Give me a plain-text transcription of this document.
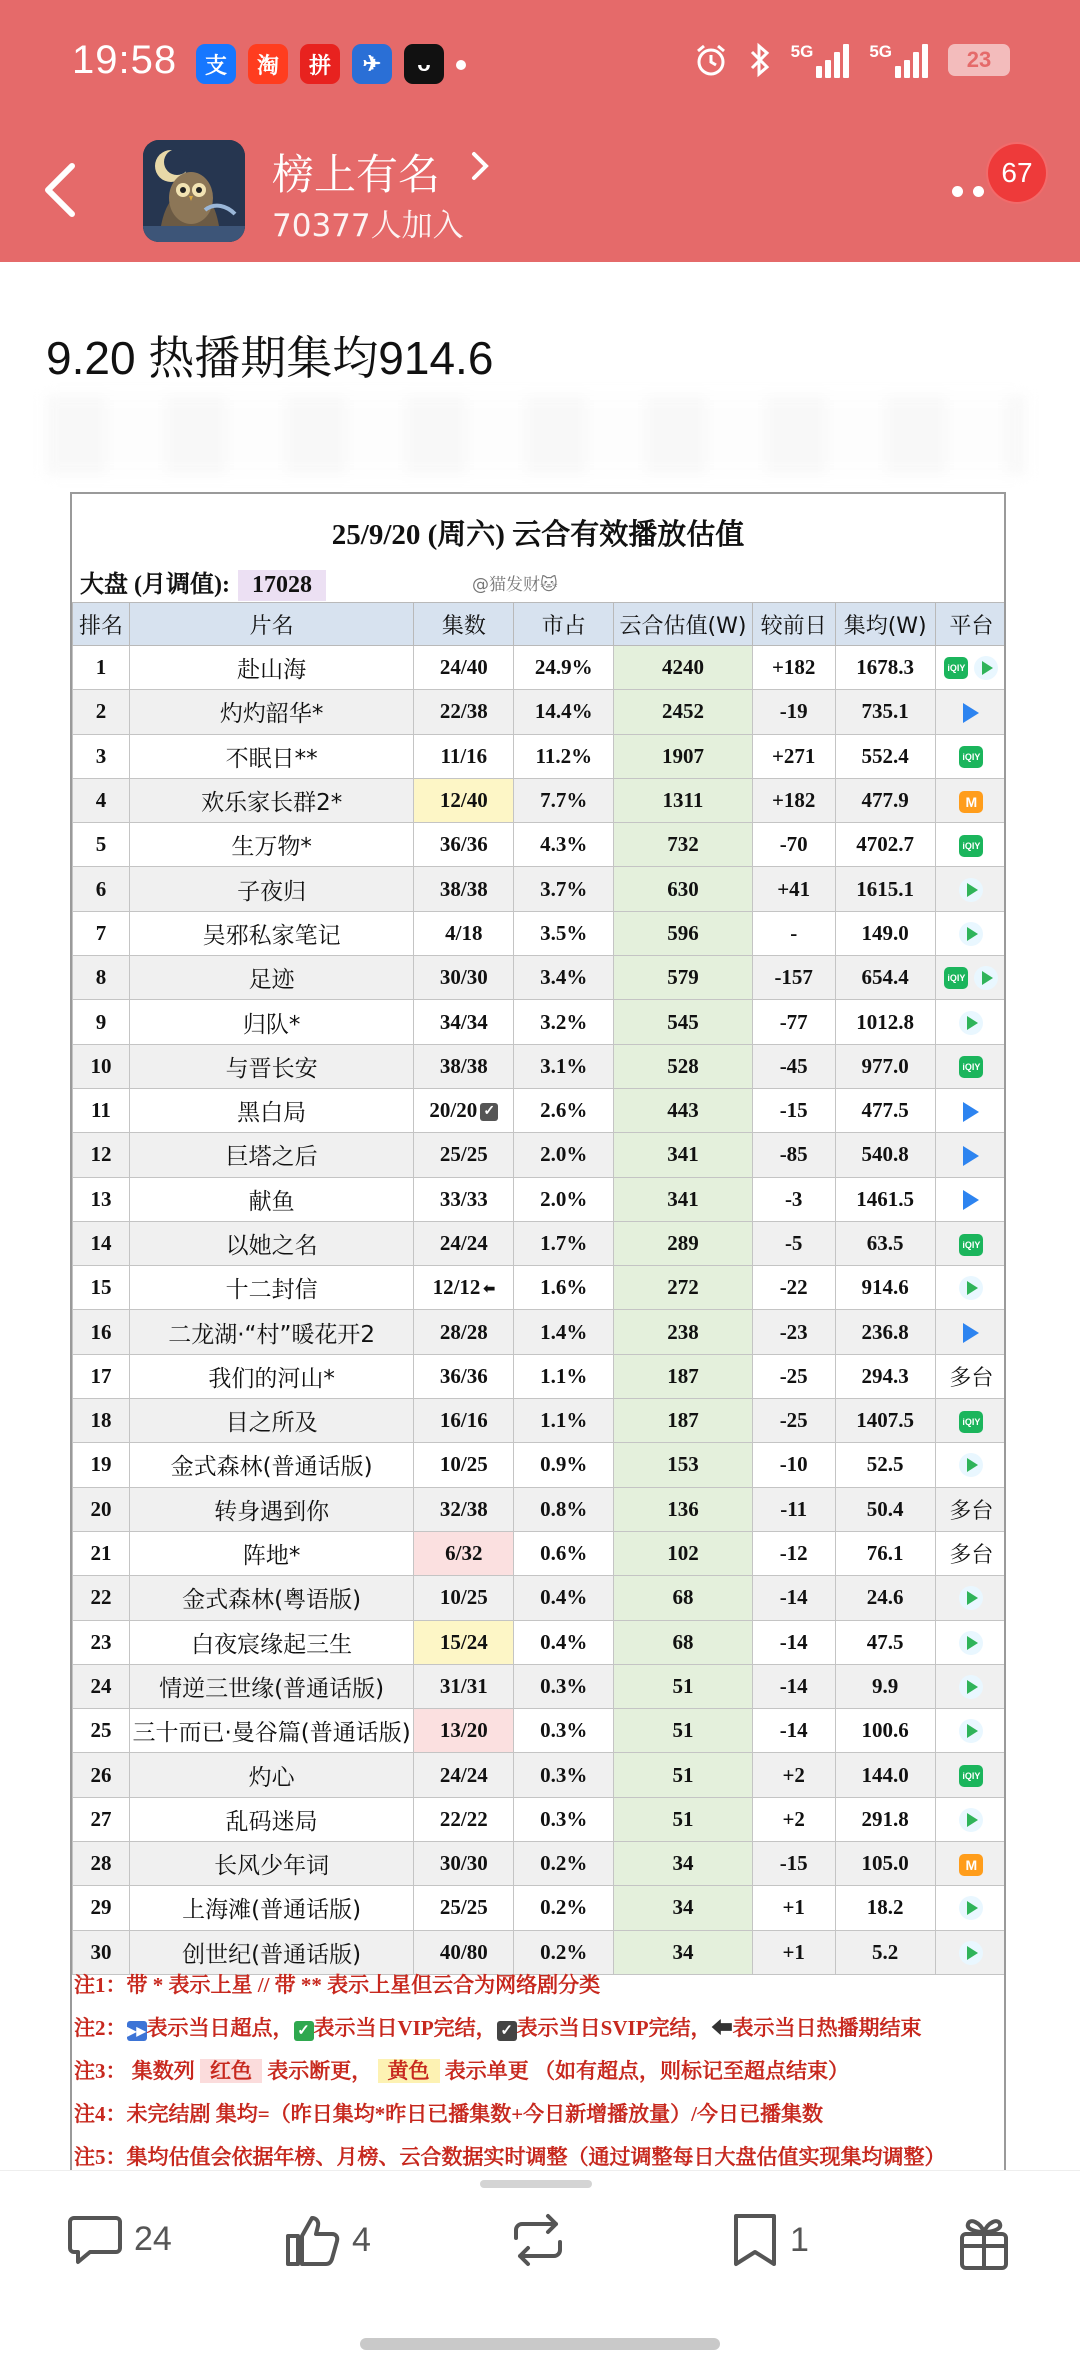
19:58	支	淘	拼	✈	ᴗ	5G	5G	23
榜上有名
70377人加入
67
9.20 热播期集均914.6
25/9/20 (周六) 云合有效播放估值
大盘 (月调值): 17028	@猫发财🐱
排名	片名	集数	市占	云合估值(W)	较前日	集均(W)	平台
1	赴山海	24/40	24.9%	4240	+182	1678.3	iQIY

2	灼灼韶华*	22/38	14.4%	2452	-19	735.1	

3	不眠日**	11/16	11.2%	1907	+271	552.4	iQIY

4	欢乐家长群2*	12/40	7.7%	1311	+182	477.9	M

5	生万物*	36/36	4.3%	732	-70	4702.7	iQIY

6	子夜归	38/38	3.7%	630	+41	1615.1	

7	吴邪私家笔记	4/18	3.5%	596	-	149.0	

8	足迹	30/30	3.4%	579	-157	654.4	iQIY

9	归队*	34/34	3.2%	545	-77	1012.8	

10	与晋长安	38/38	3.1%	528	-45	977.0	iQIY

11	黑白局	20/20 ✓	2.6%	443	-15	477.5	

12	巨塔之后	25/25	2.0%	341	-85	540.8	

13	献鱼	33/33	2.0%	341	-3	1461.5	

14	以她之名	24/24	1.7%	289	-5	63.5	iQIY

15	十二封信	12/12 ⬅	1.6%	272	-22	914.6	

16	二龙湖·“村”暖花开2	28/28	1.4%	238	-23	236.8	

17	我们的河山*	36/36	1.1%	187	-25	294.3	多台
18	目之所及	16/16	1.1%	187	-25	1407.5	iQIY

19	金式森林(普通话版)	10/25	0.9%	153	-10	52.5	

20	转身遇到你	32/38	0.8%	136	-11	50.4	多台
21	阵地*	6/32	0.6%	102	-12	76.1	多台
22	金式森林(粤语版)	10/25	0.4%	68	-14	24.6	

23	白夜宸缘起三生	15/24	0.4%	68	-14	47.5	

24	情逆三世缘(普通话版)	31/31	0.3%	51	-14	9.9	

25	三十而已·曼谷篇(普通话版)	13/20	0.3%	51	-14	100.6	

26	灼心	24/24	0.3%	51	+2	144.0	iQIY

27	乱码迷局	22/22	0.3%	51	+2	291.8	

28	长风少年词	30/30	0.2%	34	-15	105.0	M

29	上海滩(普通话版)	25/25	0.2%	34	+1	18.2	

30	创世纪(普通话版)	40/80	0.2%	34	+1	5.2	
注1：带 * 表示上星 // 带 ** 表示上星但云合为网络剧分类
注2：▶▶表示当日超点， ✓ 表示当日VIP完结， ✓ 表示当日SVIP完结，⬅表示当日热播期结束
注3： 集数列 红色 表示断更， 黄色 表示单更 （如有超点，则标记至超点结束）
注4：未完结剧 集均=（昨日集均*昨日已播集数+今日新增播放量）/今日已播集数
注5：集均估值会依据年榜、月榜、云合数据实时调整（通过调整每日大盘估值实现集均调整）
24	4	1
